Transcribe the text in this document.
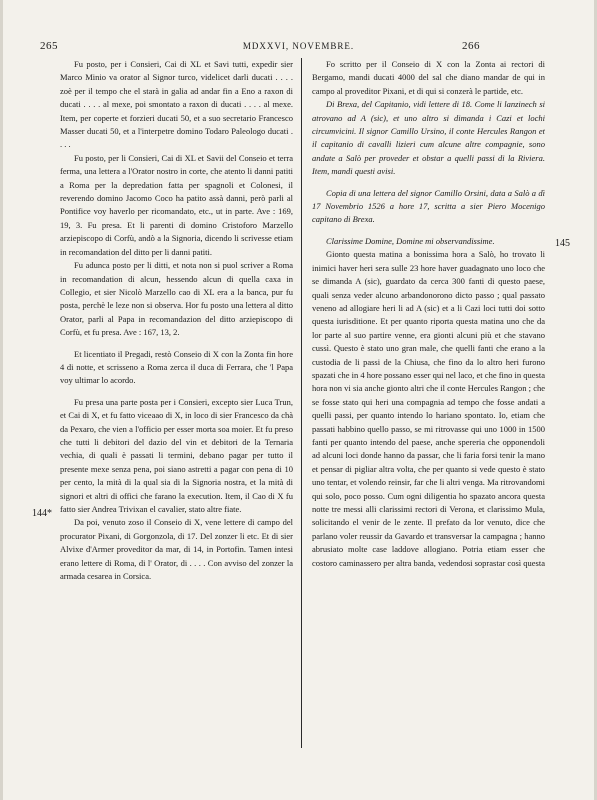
265	MDXXVI, NOVEMBRE.	266

Fu posto, per i Consieri, Cai di XL et Savi tutti, expedir sier Marco Minio va orator al Signor turco, videlicet darli ducati . . . . zoè per il tempo che el starà in galia ad andar fin a Eno a raxon di ducati . . . . al mexe, poi smontato a raxon di ducati . . . . al mexe. Item, per coperte et forzieri ducati 50, et a suo secretario Francesco Masser ducati 50, et a l'interpetre domino Todaro Paleologo ducati . . . .

Fu posto, per li Consieri, Cai di XL et Savii del Conseio et terra ferma, una lettera a l'Orator nostro in corte, che atento li danni patiti a Roma per la depredation fatta per spagnoli et Colonesi, il reverendo domino Jacomo Coco ha patito assà danni, però parli al Pontifice voy haverlo per ricomandato, etc., ut in parte. Ave : 169, 19, 3. Fu presa. Et li parenti di domino Cristoforo Marzello arziepiscopo di Corfù, andò a la Signoria, dicendo li scrivesse etiam in recomandation del ditto per li danni patiti.

Fu adunca posto per li ditti, et nota non si puol scriver a Roma in recomandation di alcun, hessendo alcun di quella caxa in Collegio, et sier Nicolò Marzello cao di XL era a la banca, pur fu posta, perchè le leze non si observa. Hor fu posto una lettera al ditto Orator, parli al Papa in recomandazion del ditto arziepiscopo di Corfù, et fu presa. Ave : 167, 13, 2.

Et licentiato il Pregadi, restò Conseio di X con la Zonta fin hore 4 di notte, et scrisseno a Roma zerca il duca di Ferrara, che 'l Papa voy ultimar lo acordo.

Fu presa una parte posta per i Consieri, excepto sier Luca Trun, et Cai di X, et fu fatto viceaao di X, in loco di sier Francesco da chà da Pexaro, che vien a l'officio per esser morta soa moier. Et fu preso che tutti li debitori del dazio del vin et debitori de la Ternaria vechia, di quali è passati li termini, debano pagar per tutto il presente mexe senza pena, poi siano astretti a pagar con pena di 10 per cento, la mità di la qual sia di la Signoria nostra, et la mità di signori et altri di offici che farano la execution. Item, il Cao di X fu fatto sier Andrea Trivixan el cavalier, stato altre fiate.

Da poi, venuto zoso il Conseio di X, vene lettere di campo del procurator Pixani, di Gorgonzola, di 17. Del zonzer li etc. Et di sier Alvixe d'Armer proveditor da mar, di 14, in Portofin. Tamen intesi erano lettere di Roma, di l' Orator, di . . . . Con avviso del zonzer la armada cesarea in Corsica.

Fo scritto per il Conseio di X con la Zonta ai rectori di Bergamo, mandi ducati 4000 del sal che diano mandar de qui in campo al proveditor Pixani, et di qui si conzerà le partide, etc.

Di Brexa, del Capitanio, vidi lettere di 18. Come li lanzinech si atrovano ad A (sic), et uno altro si dimanda i Cazi et lochi circumvicini. Il signor Camillo Ursino, il conte Hercules Rangon et il capitanio di cavalli lizieri cum alcune altre compagnie, sono andate a Salò per proveder et obstar a quelli passi di la Riviera. Item, mandi questi avisi.

Copia di una lettera del signor Camillo Orsini, data a Salò a dì 17 Novembrio 1526 a hore 17, scritta a sier Piero Mocenigo capitano di Brexa.

Clarissime Domine, Domine mi observandissime.

Gionto questa matina a bonissima hora a Salò, ho trovato li inimici haver heri sera sulle 23 hore haver guadagnato uno loco che se dimanda A (sic), guardato da cerca 300 fanti di questo paese, quali senza veder alcuno arbandonorono dicto passo ; qual passato veneno ad allogiare heri li ad A (sic) et a li Cazi loci tutti doi sotto questa iurisditione. Et per quanto riporta questa matina uno che da lor parte al suo partire venne, era gionti alcuni più et che stavano cussì. Questo è stato uno gran male, che quelli fanti che erano a la custodia de li passi de la Chiusa, che fino da lo altro heri furono spazati che in 4 hore possano esser qui nel laco, et che fino in questa hora non vi sia anche gionto altri che il conte Hercules Rangon ; che se fosse stato qui heri una compagnia ad tempo che fosse andati a quelli passi, per quanto intendo lo hariano spontato. Io, etiam che passati habbino quello passo, se mi ritrovasse qui uno 1000 in 1500 fanti per quanto intendo del paese, anche spereria che opponendoli ad alcuni loci donde hanno da passar, che li faria forsi tenir la mano et pensar di pigliar altra volta, che per quanto si vede questo è stato uno tentar, et volendo reinsir, far che li altri venga. Ma ritrovandomi qui solo, poco posso. Cum ogni diligentia ho spazato ancora questa notte tre messi alli clarissimi rectori di Verona, et clarissimo Mula, solicitando el venir de le zente. Il prefato da lor venuto, dice che parlano voler reussir da Gavardo et transversar la campagna ; hanno abrusiato molte case laddove allogiano. Potria etiam esser che costoro caminassero per altra banda, vedendosi soprastar così questa

144*
145
